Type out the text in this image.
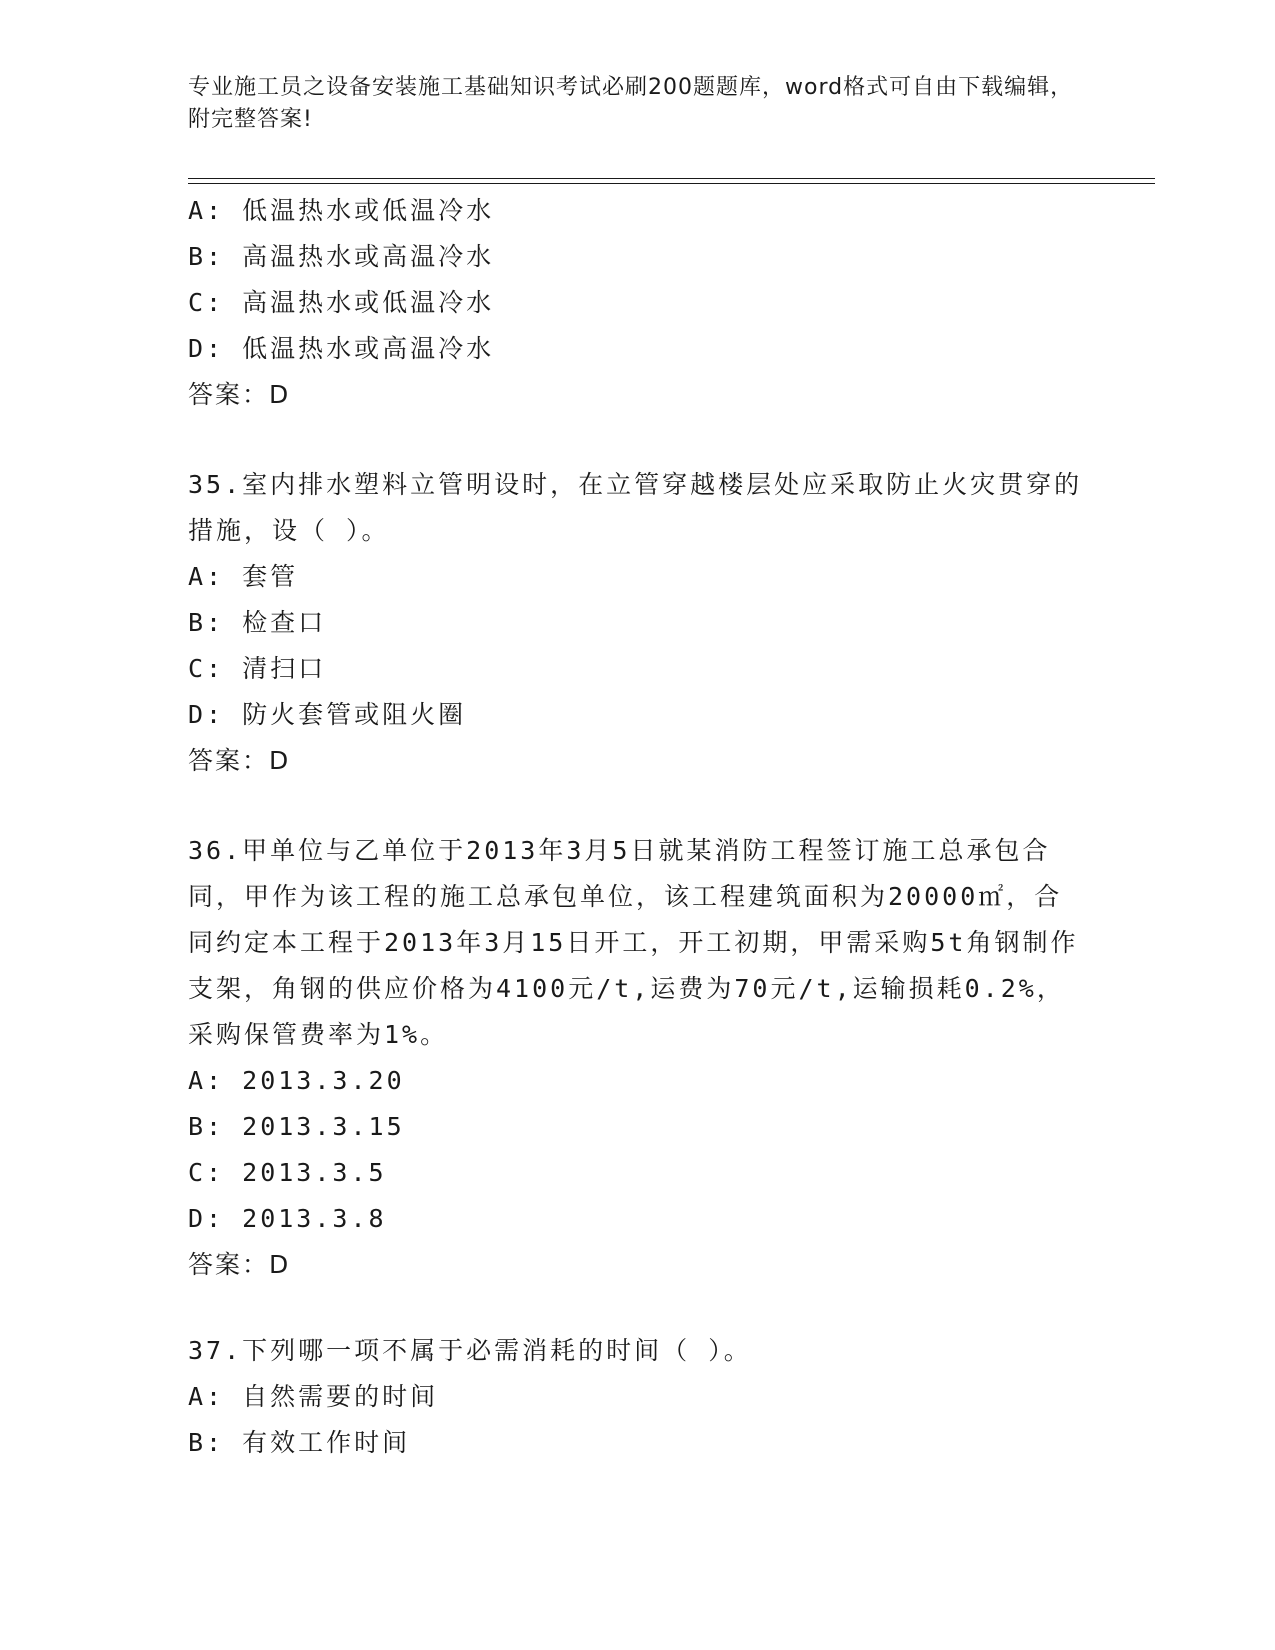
专业施工员之设备安装施工基础知识考试必刷200题题库，word格式可自由下载编辑，附完整答案!
A: 低温热水或低温冷水
B: 高温热水或高温冷水
C: 高温热水或低温冷水
D: 低温热水或高温冷水
答案：D
35.室内排水塑料立管明设时，在立管穿越楼层处应采取防止火灾贯穿的措施，设（ ）。
A: 套管
B: 检查口
C: 清扫口
D: 防火套管或阻火圈
答案：D
36.甲单位与乙单位于2013年3月5日就某消防工程签订施工总承包合同，甲作为该工程的施工总承包单位，该工程建筑面积为20000㎡，合同约定本工程于2013年3月15日开工，开工初期，甲需采购5t角钢制作支架，角钢的供应价格为4100元/t,运费为70元/t,运输损耗0.2%，采购保管费率为1%。
A: 2013.3.20
B: 2013.3.15
C: 2013.3.5
D: 2013.3.8
答案：D
37.下列哪一项不属于必需消耗的时间（ ）。
A: 自然需要的时间
B: 有效工作时间
